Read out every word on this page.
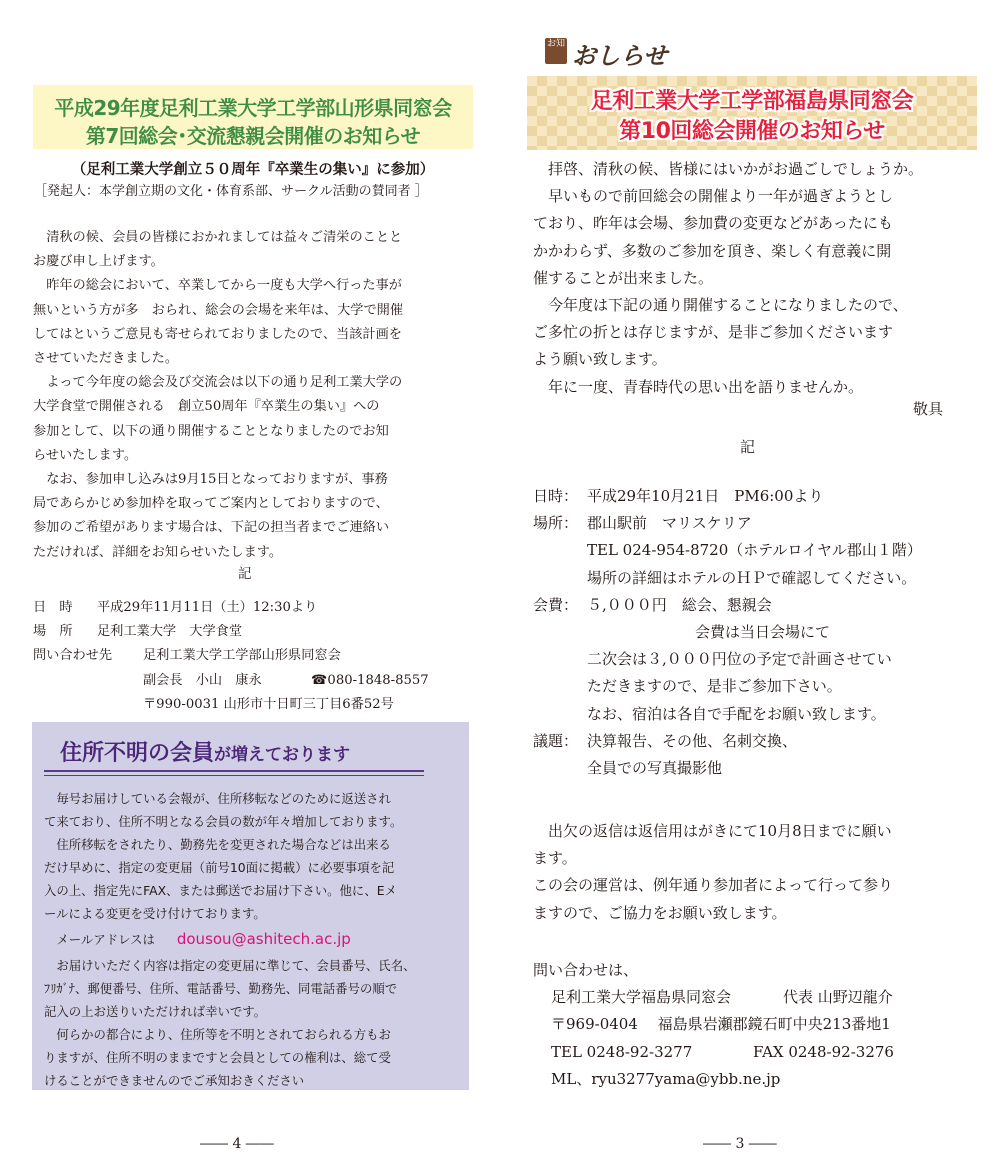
平成29年度足利工業大学工学部山形県同窓会
第7回総会･交流懇親会開催のお知らせ
（足利工業大学創立５０周年『卒業生の集い』に参加）
［発起人：本学創立期の文化・体育系部、サークル活動の賛同者 ］

清秋の候、会員の皆様におかれましては益々ご清栄のことと

お慶び申し上げます。

昨年の総会において、卒業してから一度も大学へ行った事が

無いという方が多　おられ、総会の会場を来年は、大学で開催

してはというご意見も寄せられておりましたので、当該計画を

させていただきました。

よって今年度の総会及び交流会は以下の通り足利工業大学の

大学食堂で開催される　創立50周年『卒業生の集い』への

参加として、以下の通り開催することとなりましたのでお知

らせいたします。

なお、参加申し込みは9月15日となっておりますが、事務

局であらかじめ参加枠を取ってご案内としておりますので、

参加のご希望があります場合は、下記の担当者までご連絡い

ただければ、詳細をお知らせいたします。

記
日　時 平成29年11月11日（土）12:30より
場　所 足利工業大学　大学食堂
問い合わせ先 足利工業大学工学部山形県同窓会
副会長　小山　康永	☎080-1848-8557
〒990-0031 山形市十日町三丁目6番52号
住所不明の会員が増えております

毎号お届けしている会報が、住所移転などのために返送され

て来ており、住所不明となる会員の数が年々増加しております。

住所移転をされたり、勤務先を変更された場合などは出来る

だけ早めに、指定の変更届（前号10面に掲載）に必要事項を記

入の上、指定先にFAX、または郵送でお届け下さい。他に、Eメ

ールによる変更を受け付けております。

メールアドレスは dousou@ashitech.ac.jp

お届けいただく内容は指定の変更届に準じて、会員番号、氏名、

ﾌﾘｶﾞﾅ、郵便番号、住所、電話番号、勤務先、同電話番号の順で

記入の上お送りいただければ幸いです。

何らかの都合により、住所等を不明とされておられる方もお

りますが、住所不明のままですと会員としての権利は、総て受

けることができませんのでご承知おきください

―― 4 ――
お知 おしらせ
足利工業大学工学部福島県同窓会
第10回総会開催のお知らせ

拝啓、清秋の候、皆様にはいかがお過ごしでしょうか。

早いもので前回総会の開催より一年が過ぎようとし

ており、昨年は会場、参加費の変更などがあったにも

かかわらず、多数のご参加を頂き、楽しく有意義に開

催することが出来ました。

今年度は下記の通り開催することになりましたので、

ご多忙の折とは存じますが、是非ご参加くださいます

よう願い致します。

年に一度、青春時代の思い出を語りませんか。

敬具
記
日時： 平成29年10月21日　PM6:00より
場所： 郡山駅前　マリスケリア
TEL 024-954-8720（ホテルロイヤル郡山１階）
場所の詳細はホテルのＨＰで確認してください。
会費： ５,０００円　総会、懇親会
会費は当日会場にて
二次会は３,０００円位の予定で計画させてい
ただきますので、是非ご参加下さい。
なお、宿泊は各自で手配をお願い致します。
議題： 決算報告、その他、名刺交換、
全員での写真撮影他

出欠の返信は返信用はがきにて10月8日までに願い

ます。

この会の運営は、例年通り参加者によって行って参り

ますので、ご協力をお願い致します。

問い合わせは、
足利工業大学福島県同窓会	代表 山野辺龍介
〒969-0404　 福島県岩瀬郡鏡石町中央213番地1
TEL 0248-92-3277	FAX 0248-92-3276
ML、ryu3277yama@ybb.ne.jp
―― 3 ――
